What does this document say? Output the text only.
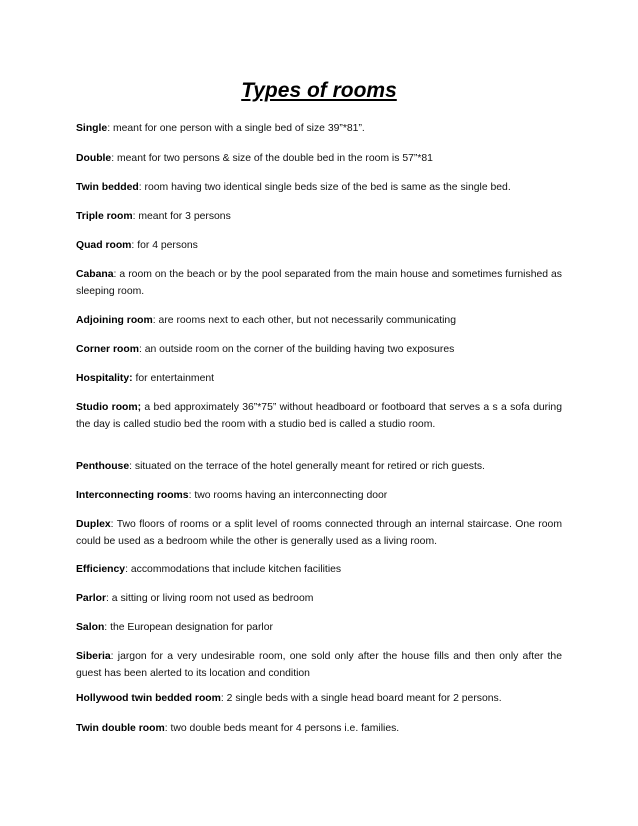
Types of rooms

Single: meant for one person with a single bed of size 39”*81”.

Double: meant for two persons & size of the double bed in the room is 57”*81

Twin bedded: room having two identical single beds size of the bed is same as the single bed.

Triple room: meant for 3 persons

Quad room: for 4 persons

Cabana: a room on the beach or by the pool separated from the main house and sometimes furnished as sleeping room.

Adjoining room: are rooms next to each other, but not necessarily communicating

Corner room: an outside room on the corner of the building having two exposures

Hospitality: for entertainment

Studio room; a bed approximately 36”*75” without headboard or footboard that serves a s a sofa during the day is called studio bed the room with a studio bed is called a studio room.

Penthouse: situated on the terrace of the hotel generally meant for retired or rich guests.

Interconnecting rooms: two rooms having an interconnecting door

Duplex: Two floors of rooms or a split level of rooms connected through an internal staircase. One room could be used as a bedroom while the other is generally used as a living room.

Efficiency: accommodations that include kitchen facilities

Parlor: a sitting or living room not used as bedroom

Salon: the European designation for parlor

Siberia: jargon for a very undesirable room, one sold only after the house fills and then only after the guest has been alerted to its location and condition

Hollywood twin bedded room: 2 single beds with a single head board meant for 2 persons.

Twin double room: two double beds meant for 4 persons i.e. families.
